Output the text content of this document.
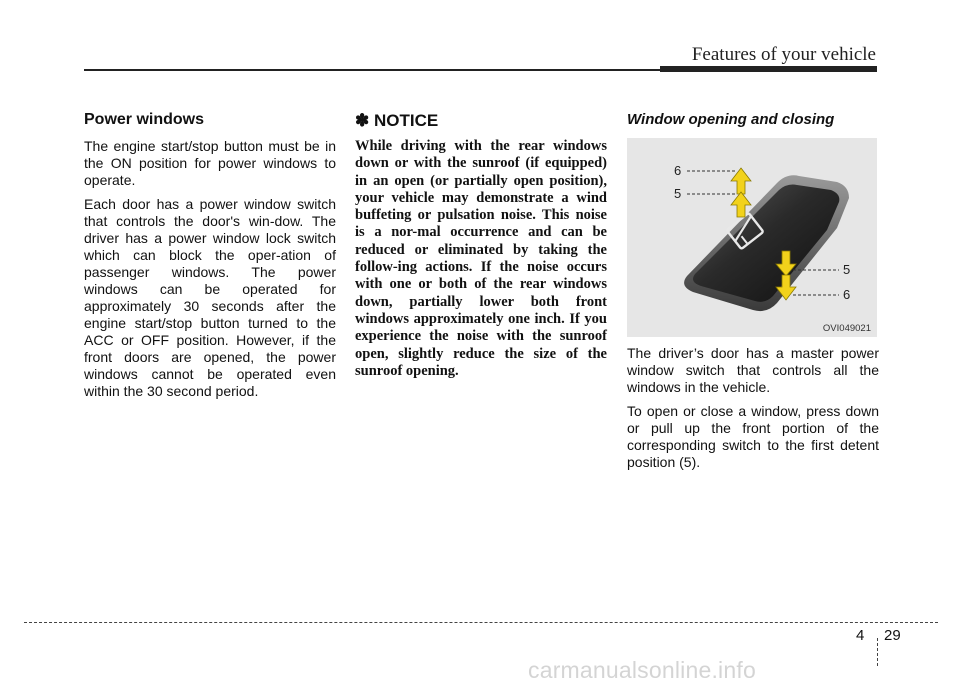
Features of your vehicle
Power windows

The engine start/stop button must be in the ON position for power windows to operate.

Each door has a power window switch that controls the door's win-dow. The driver has a power window lock switch which can block the oper-ation of passenger windows. The power windows can be operated for approximately 30 seconds after the engine start/stop button turned to the ACC or OFF position. However, if the front doors are opened, the power windows cannot be operated even within the 30 second period.

✽ NOTICE

While driving with the rear windows down or with the sunroof (if equipped) in an open (or partially open position), your vehicle may demonstrate a wind buffeting or pulsation noise. This noise is a nor-mal occurrence and can be reduced or eliminated by taking the follow-ing actions. If the noise occurs with one or both of the rear windows down, partially lower both front windows approximately one inch. If you experience the noise with the sunroof open, slightly reduce the size of the sunroof opening.

Window opening and closing
6
5
5
6
OVI049021

The driver’s door has a master power window switch that controls all the windows in the vehicle.

To open or close a window, press down or pull up the front portion of the corresponding switch to the first detent position (5).

4 29
carmanualsonline.info
